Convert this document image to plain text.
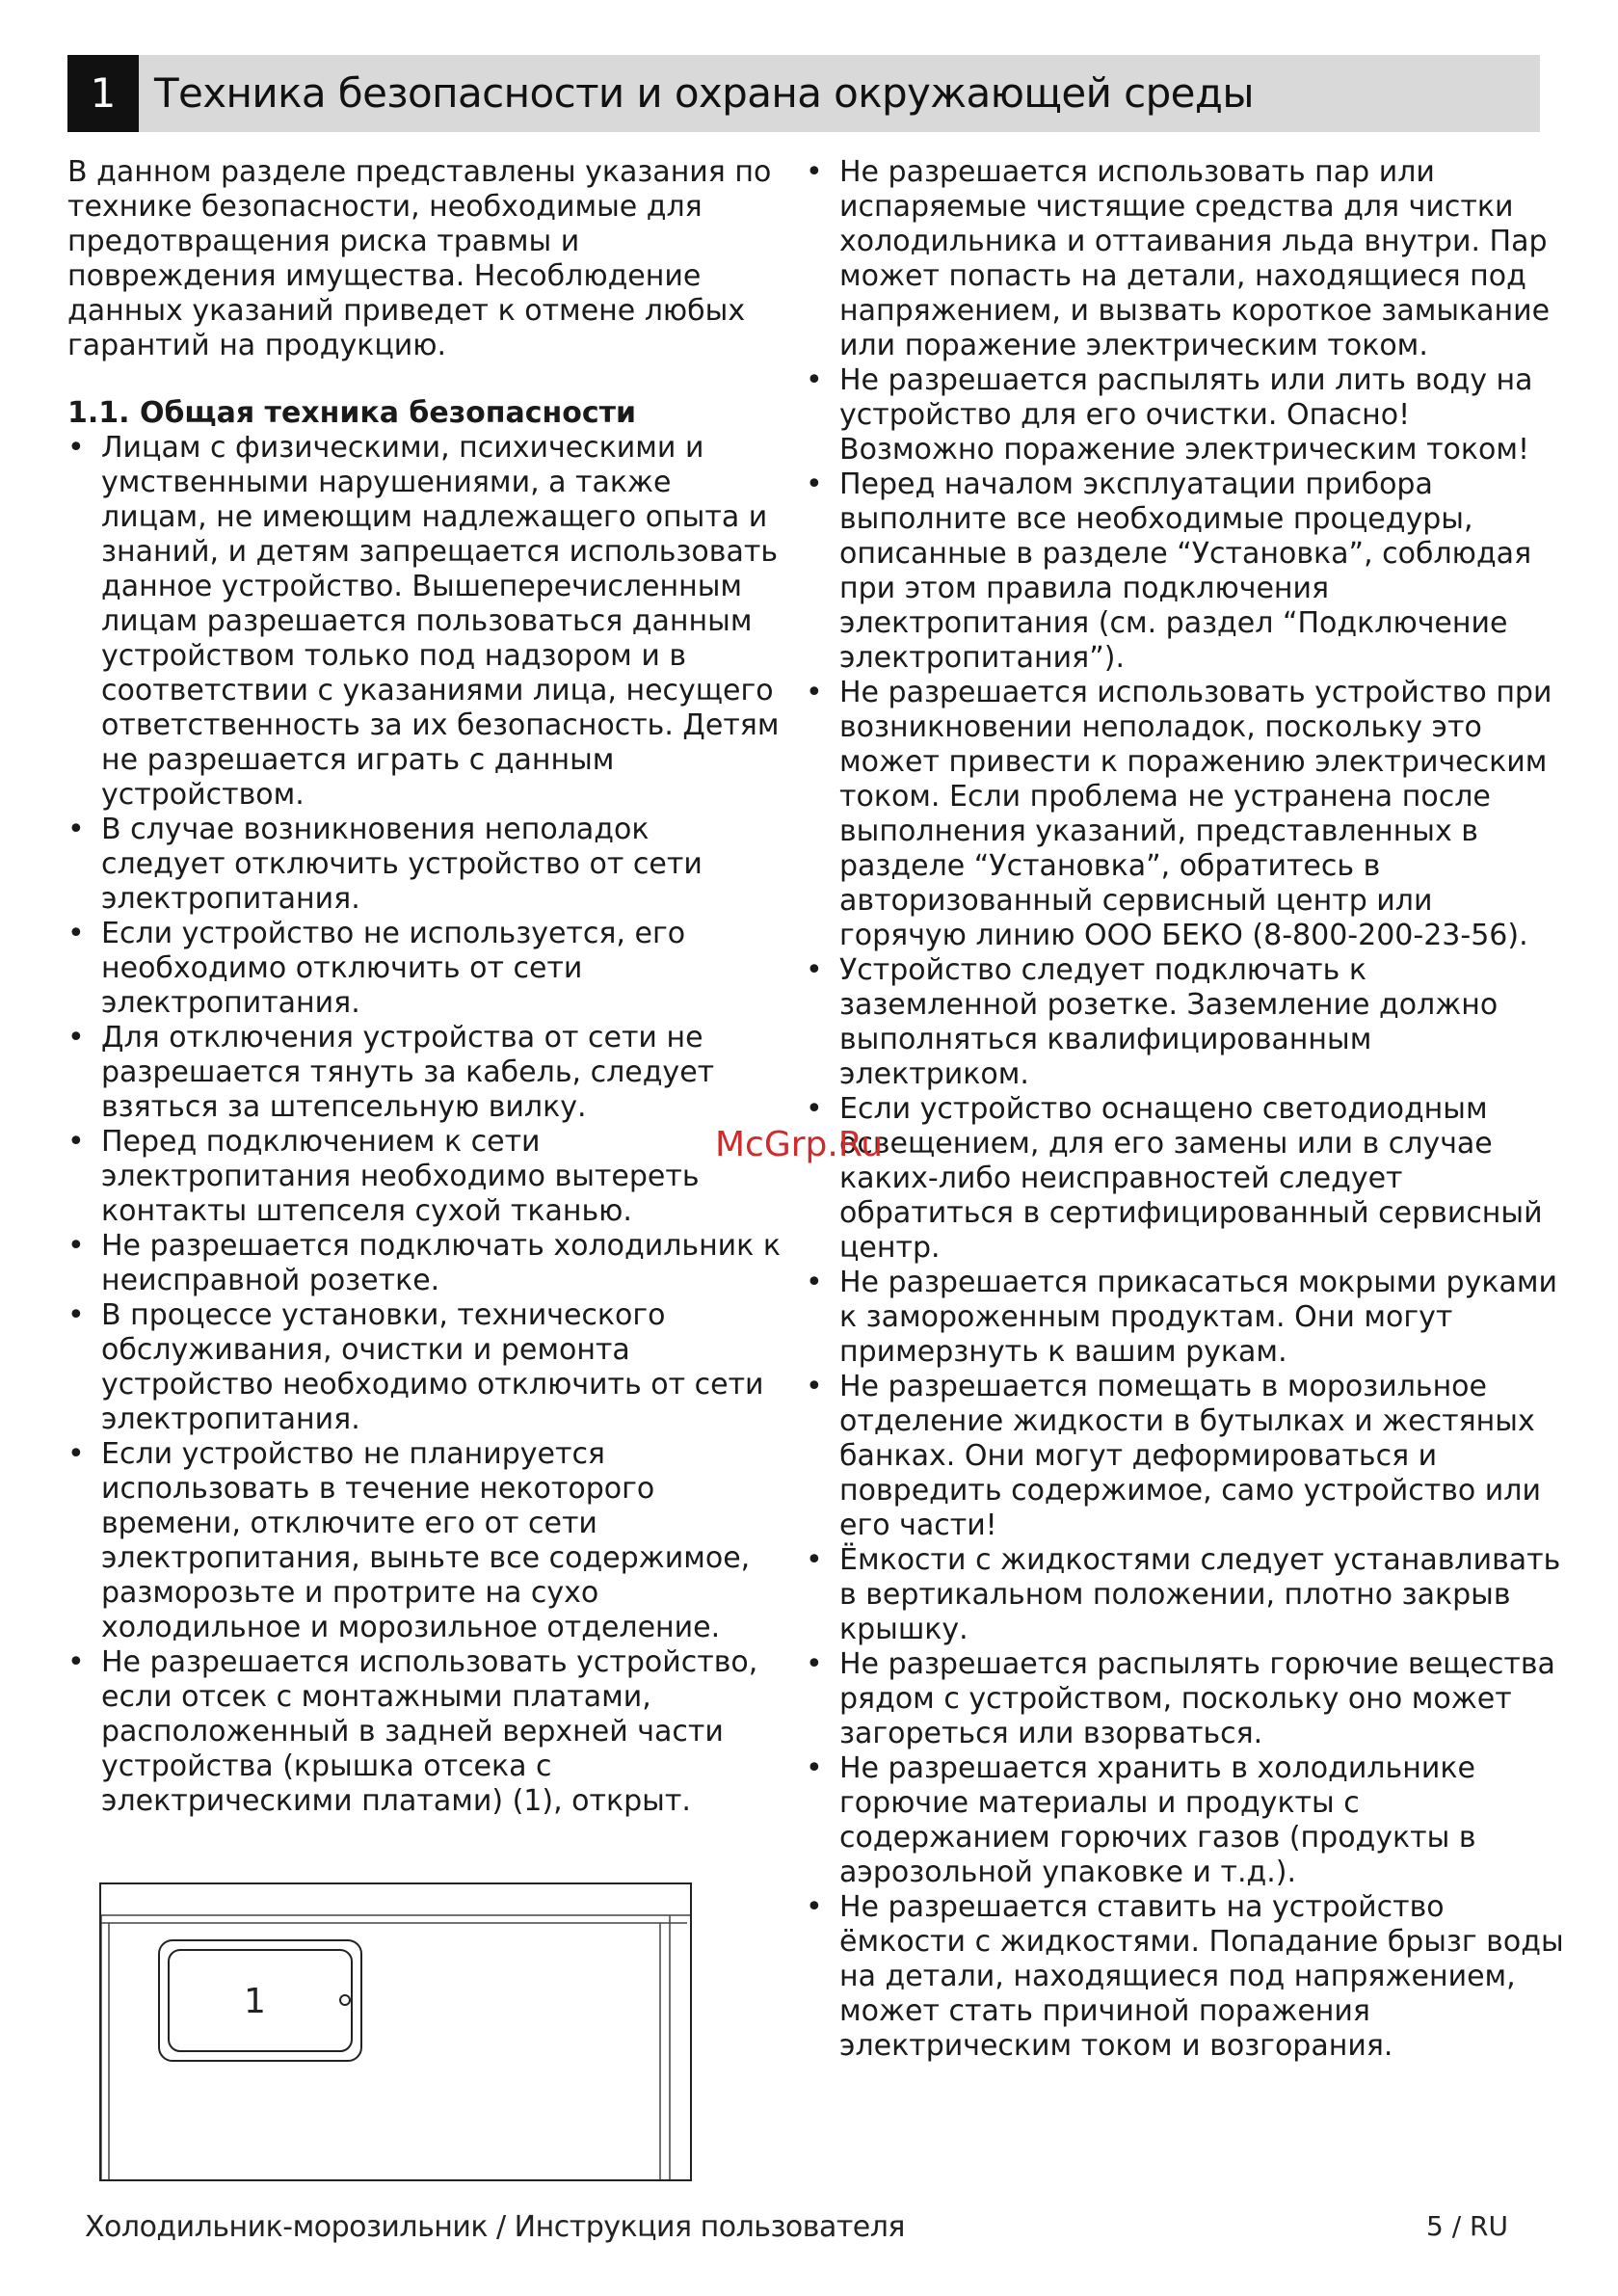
1 Техника безопасности и охрана окружающей среды

В данном разделе представлены указания по технике безопасности, необходимые для предотвращения риска травмы и повреждения имущества. Несоблюдение данных указаний приведет к отмене любых гарантий на продукцию.

1.1. Общая техника безопасности

• Лицам с физическими, психическими и умственными нарушениями, а также лицам, не имеющим надлежащего опыта и знаний, и детям запрещается использовать данное устройство. Вышеперечисленным лицам разрешается пользоваться данным устройством только под надзором и в соответствии с указаниями лица, несущего ответственность за их безопасность. Детям не разрешается играть с данным устройством.
• В случае возникновения неполадок следует отключить устройство от сети электропитания.
• Если устройство не используется, его необходимо отключить от сети электропитания.
• Для отключения устройства от сети не разрешается тянуть за кабель, следует взяться за штепсельную вилку.
• Перед подключением к сети электропитания необходимо вытереть контакты штепселя сухой тканью.
• Не разрешается подключать холодильник к неисправной розетке.
• В процессе установки, технического обслуживания, очистки и ремонта устройство необходимо отключить от сети электропитания.
• Если устройство не планируется использовать в течение некоторого времени, отключите его от сети электропитания, выньте все содержимое, разморозьте и протрите на сухо холодильное и морозильное отделение.
• Не разрешается использовать устройство, если отсек с монтажными платами, расположенный в задней верхней части устройства (крышка отсека с электрическими платами) (1), открыт.
• Не разрешается использовать пар или испаряемые чистящие средства для чистки холодильника и оттаивания льда внутри. Пар может попасть на детали, находящиеся под напряжением, и вызвать короткое замыкание или поражение электрическим током.
• Не разрешается распылять или лить воду на устройство для его очистки. Опасно! Возможно поражение электрическим током!
• Перед началом эксплуатации прибора выполните все необходимые процедуры, описанные в разделе “Установка”, соблюдая при этом правила подключения электропитания (см. раздел “Подключение электропитания”).
• Не разрешается использовать устройство при возникновении неполадок, поскольку это может привести к поражению электрическим током. Если проблема не устранена после выполнения указаний, представленных в разделе “Установка”, обратитесь в авторизованный сервисный центр или горячую линию ООО БЕКО (8-800-200-23-56).
• Устройство следует подключать к заземленной розетке. Заземление должно выполняться квалифицированным электриком.
• Если устройство оснащено светодиодным освещением, для его замены или в случае каких-либо неисправностей следует обратиться в сертифицированный сервисный центр.
• Не разрешается прикасаться мокрыми руками к замороженным продуктам. Они могут примерзнуть к вашим рукам.
• Не разрешается помещать в морозильное отделение жидкости в бутылках и жестяных банках. Они могут деформироваться и повредить содержимое, само устройство или его части!
• Ёмкости с жидкостями следует устанавливать в вертикальном положении, плотно закрыв крышку.
• Не разрешается распылять горючие вещества рядом с устройством, поскольку оно может загореться или взорваться.
• Не разрешается хранить в холодильнике горючие материалы и продукты с содержанием горючих газов (продукты в аэрозольной упаковке и т.д.).
• Не разрешается ставить на устройство ёмкости с жидкостями. Попадание брызг воды на детали, находящиеся под напряжением, может стать причиной поражения электрическим током и возгорания.
1
McGrp.Ru
Холодильник-морозильник / Инструкция пользователя	5 / RU
